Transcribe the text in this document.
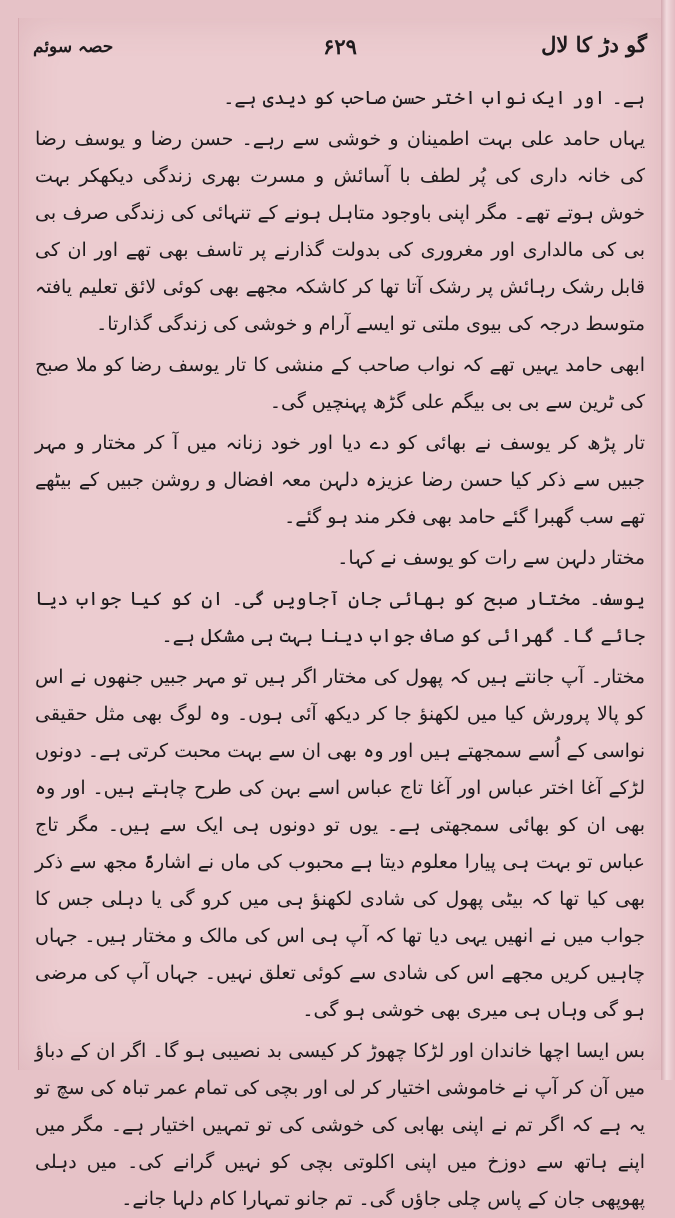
گو دڑ کا لال
۶۲۹
حصہ سوئم

ہے۔ اور ایک نواب اختر حسن صاحب کو دیدی ہے۔

یہاں حامد علی بہت اطمینان و خوشی سے رہے۔ حسن رضا و یوسف رضا کی خانہ داری کی پُر لطف با آسائش و مسرت بھری زندگی دیکھکر بہت خوش ہوتے تھے۔ مگر اپنی باوجود متاہل ہونے کے تنہائی کی زندگی صرف بی بی کی مالداری اور مغروری کی بدولت گذارنے پر تاسف بھی تھے اور ان کی قابل رشک رہائش پر رشک آتا تھا کر کاشکہ مجھے بھی کوئی لائق تعلیم یافتہ متوسط درجہ کی بیوی ملتی تو ایسے آرام و خوشی کی زندگی گذارتا۔

ابھی حامد یہیں تھے کہ نواب صاحب کے منشی کا تار یوسف رضا کو ملا صبح کی ٹرین سے بی بی بیگم علی گڑھ پہنچیں گی۔

تار پڑھ کر یوسف نے بھائی کو دے دیا اور خود زنانہ میں آ کر مختار و مہر جبیں سے ذکر کیا حسن رضا عزیزہ دلہن معہ افضال و روشن جبیں کے بیٹھے تھے سب گھبرا گئے حامد بھی فکر مند ہو گئے۔

مختار دلہن سے رات کو یوسف نے کہا۔

یوسف۔ مختار صبح کو بھائی جان آجاویں گی۔ ان کو کیا جواب دیا جائے گا۔ گھرائی کو صاف جواب دینا بہت ہی مشکل ہے۔

مختار۔ آپ جانتے ہیں کہ پھول کی مختار اگر ہیں تو مہر جبیں جنھوں نے اس کو پالا پرورش کیا میں لکھنؤ جا کر دیکھ آئی ہوں۔ وہ لوگ بھی مثل حقیقی نواسی کے اُسے سمجھتے ہیں اور وہ بھی ان سے بہت محبت کرتی ہے۔ دونوں لڑکے آغا اختر عباس اور آغا تاج عباس اسے بہن کی طرح چاہتے ہیں۔ اور وہ بھی ان کو بھائی سمجھتی ہے۔ یوں تو دونوں ہی ایک سے ہیں۔ مگر تاج عباس تو بہت ہی پیارا معلوم دیتا ہے محبوب کی ماں نے اشارۃً مجھ سے ذکر بھی کیا تھا کہ بیٹی پھول کی شادی لکھنؤ ہی میں کرو گی یا دہلی جس کا جواب میں نے انھیں یہی دیا تھا کہ آپ ہی اس کی مالک و مختار ہیں۔ جہاں چاہیں کریں مجھے اس کی شادی سے کوئی تعلق نہیں۔ جہاں آپ کی مرضی ہو گی وہاں ہی میری بھی خوشی ہو گی۔

بس ایسا اچھا خاندان اور لڑکا چھوڑ کر کیسی بد نصیبی ہو گا۔ اگر ان کے دباؤ میں آن کر آپ نے خاموشی اختیار کر لی اور بچی کی تمام عمر تباہ کی سچ تو یہ ہے کہ اگر تم نے اپنی بھابی کی خوشی کی تو تمہیں اختیار ہے۔ مگر میں اپنے ہاتھ سے دوزخ میں اپنی اکلوتی بچی کو نہیں گرانے کی۔ میں دہلی پھوپھی جان کے پاس چلی جاؤں گی۔ تم جانو تمہارا کام دلہا جانے۔
